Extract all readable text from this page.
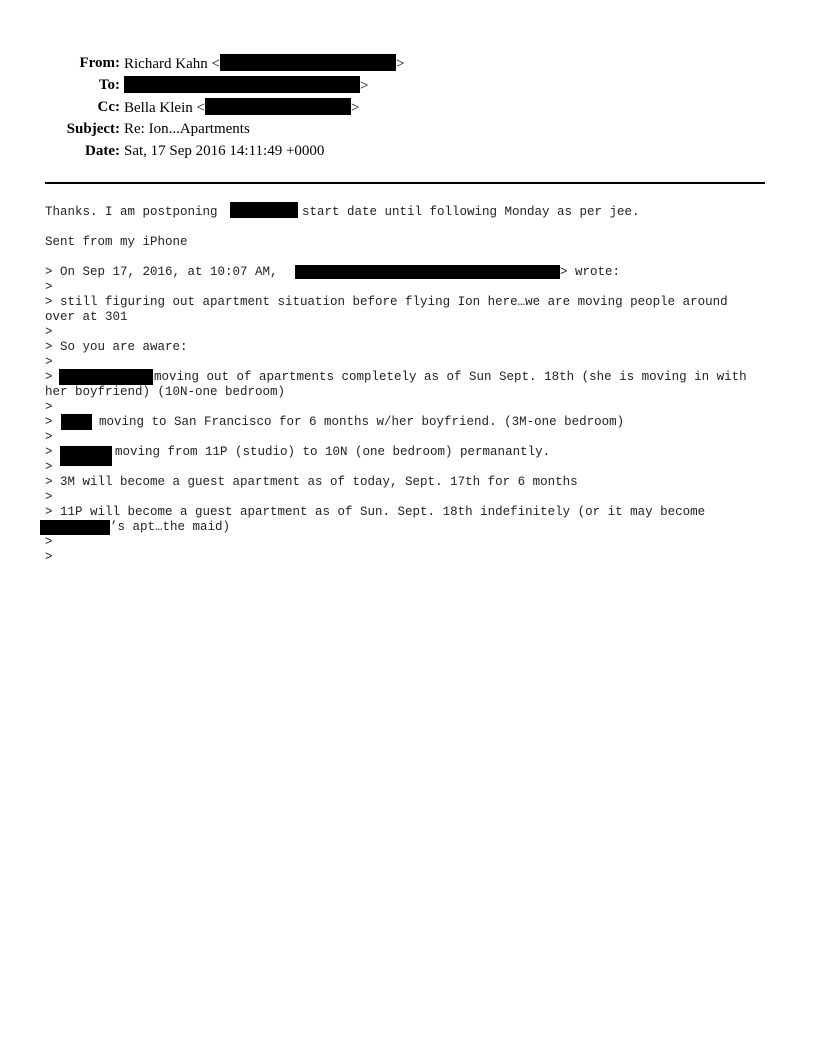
From: Richard Kahn <	>
To:	>
Cc: Bella Klein <	>
Subject: Re: Ion...Apartments
Date: Sat, 17 Sep 2016 14:11:49 +0000
Thanks. I am postponing	start date until following Monday as per jee.
Sent from my iPhone
> On Sep 17, 2016, at 10:07 AM,	> wrote:
>
> still figuring out apartment situation before flying Ion here…we are moving people around
over at 301
>
> So you are aware:
>
>	moving out of apartments completely as of Sun Sept. 18th (she is moving in with
her boyfriend) (10N-one bedroom)
>
>	moving to San Francisco for 6 months w/her boyfriend. (3M-one bedroom)
>
>	moving from 11P (studio) to 10N (one bedroom) permanantly.
>
> 3M will become a guest apartment as of today, Sept. 17th for 6 months
>
> 11P will become a guest apartment as of Sun. Sept. 18th indefinitely (or it may become
’s apt…the maid)
>
>
